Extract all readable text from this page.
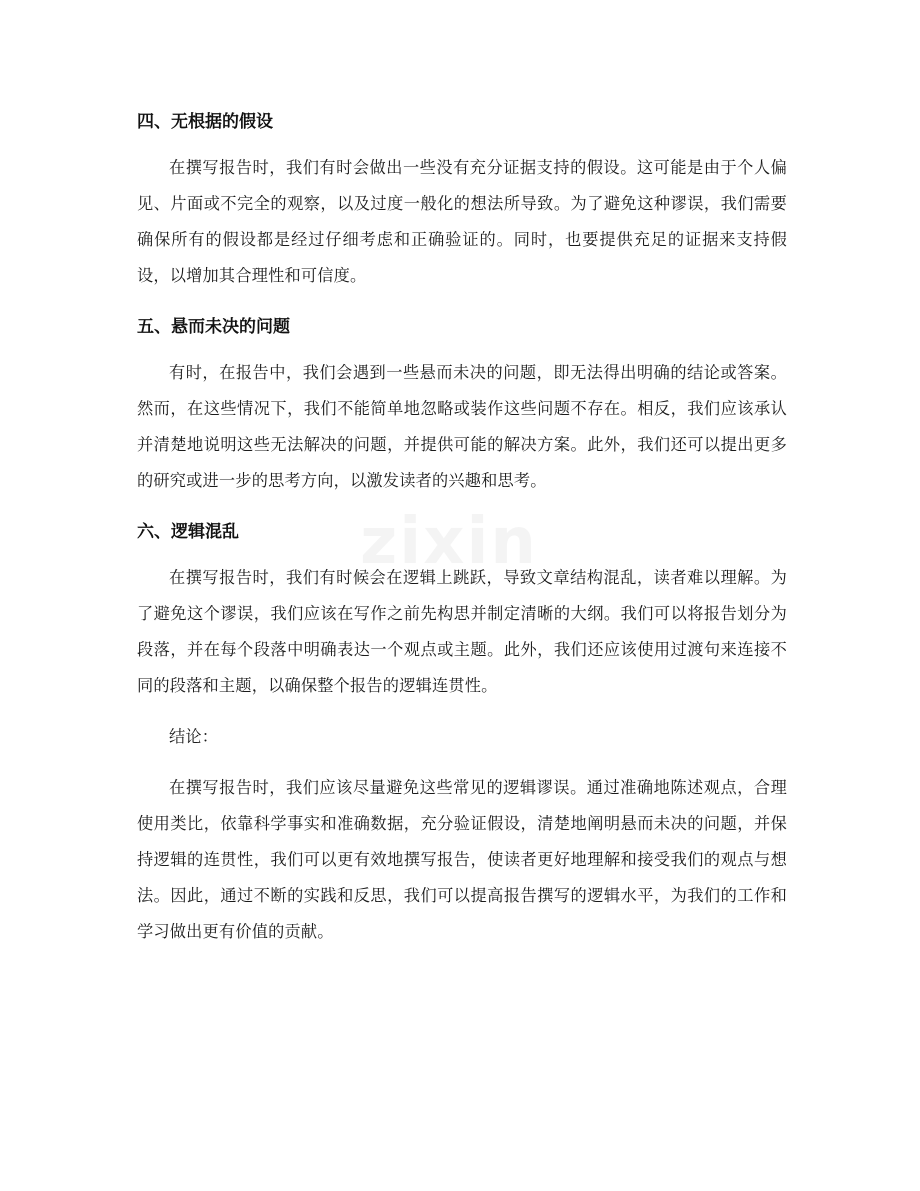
四、无根据的假设

在撰写报告时，我们有时会做出一些没有充分证据支持的假设。这可能是由于个人偏见、片面或不完全的观察，以及过度一般化的想法所导致。为了避免这种谬误，我们需要确保所有的假设都是经过仔细考虑和正确验证的。同时，也要提供充足的证据来支持假设，以增加其合理性和可信度。

五、悬而未决的问题

有时，在报告中，我们会遇到一些悬而未决的问题，即无法得出明确的结论或答案。然而，在这些情况下，我们不能简单地忽略或装作这些问题不存在。相反，我们应该承认并清楚地说明这些无法解决的问题，并提供可能的解决方案。此外，我们还可以提出更多的研究或进一步的思考方向，以激发读者的兴趣和思考。

六、逻辑混乱

在撰写报告时，我们有时候会在逻辑上跳跃，导致文章结构混乱，读者难以理解。为了避免这个谬误，我们应该在写作之前先构思并制定清晰的大纲。我们可以将报告划分为段落，并在每个段落中明确表达一个观点或主题。此外，我们还应该使用过渡句来连接不同的段落和主题，以确保整个报告的逻辑连贯性。

结论：

在撰写报告时，我们应该尽量避免这些常见的逻辑谬误。通过准确地陈述观点，合理使用类比，依靠科学事实和准确数据，充分验证假设，清楚地阐明悬而未决的问题，并保持逻辑的连贯性，我们可以更有效地撰写报告，使读者更好地理解和接受我们的观点与想法。因此，通过不断的实践和反思，我们可以提高报告撰写的逻辑水平，为我们的工作和学习做出更有价值的贡献。
